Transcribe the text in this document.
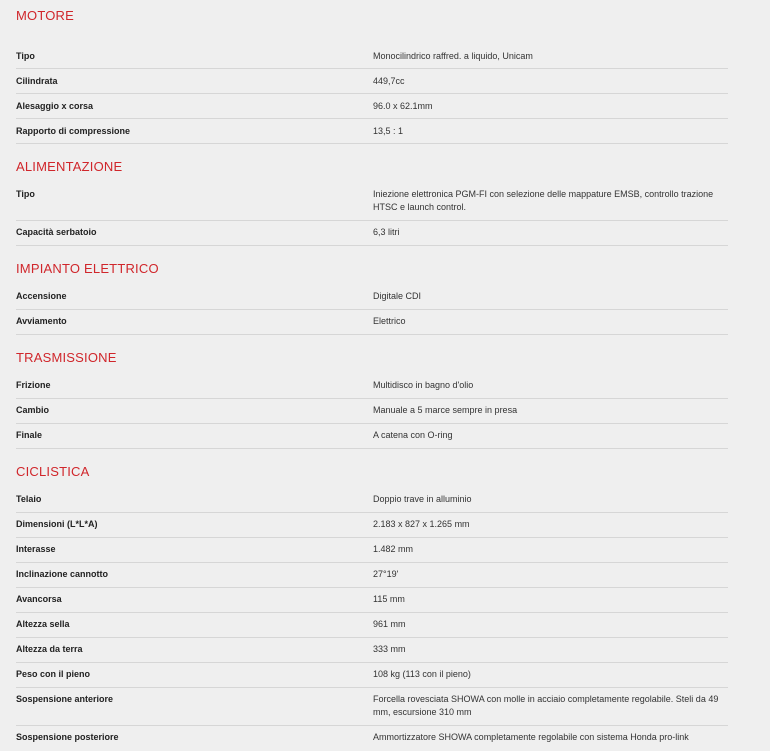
MOTORE
Tipo	Monocilindrico raffred. a liquido, Unicam
Cilindrata	449,7cc
Alesaggio x corsa	96.0 x 62.1mm
Rapporto di compressione	13,5 : 1
ALIMENTAZIONE
Tipo	Iniezione elettronica PGM-FI con selezione delle mappature EMSB, controllo trazione HTSC e launch control.
Capacità serbatoio	6,3 litri
IMPIANTO ELETTRICO
Accensione	Digitale CDI
Avviamento	Elettrico
TRASMISSIONE
Frizione	Multidisco in bagno d'olio
Cambio	Manuale a 5 marce sempre in presa
Finale	A catena con O-ring
CICLISTICA
Telaio	Doppio trave in alluminio
Dimensioni (L*L*A)	2.183 x 827 x 1.265 mm
Interasse	1.482 mm
Inclinazione cannotto	27°19'
Avancorsa	115 mm
Altezza sella	961 mm
Altezza da terra	333 mm
Peso con il pieno	108 kg (113 con il pieno)
Sospensione anteriore	Forcella rovesciata SHOWA con molle in acciaio completamente regolabile. Steli da 49 mm, escursione 310 mm
Sospensione posteriore	Ammortizzatore SHOWA completamente regolabile con sistema Honda pro-link
